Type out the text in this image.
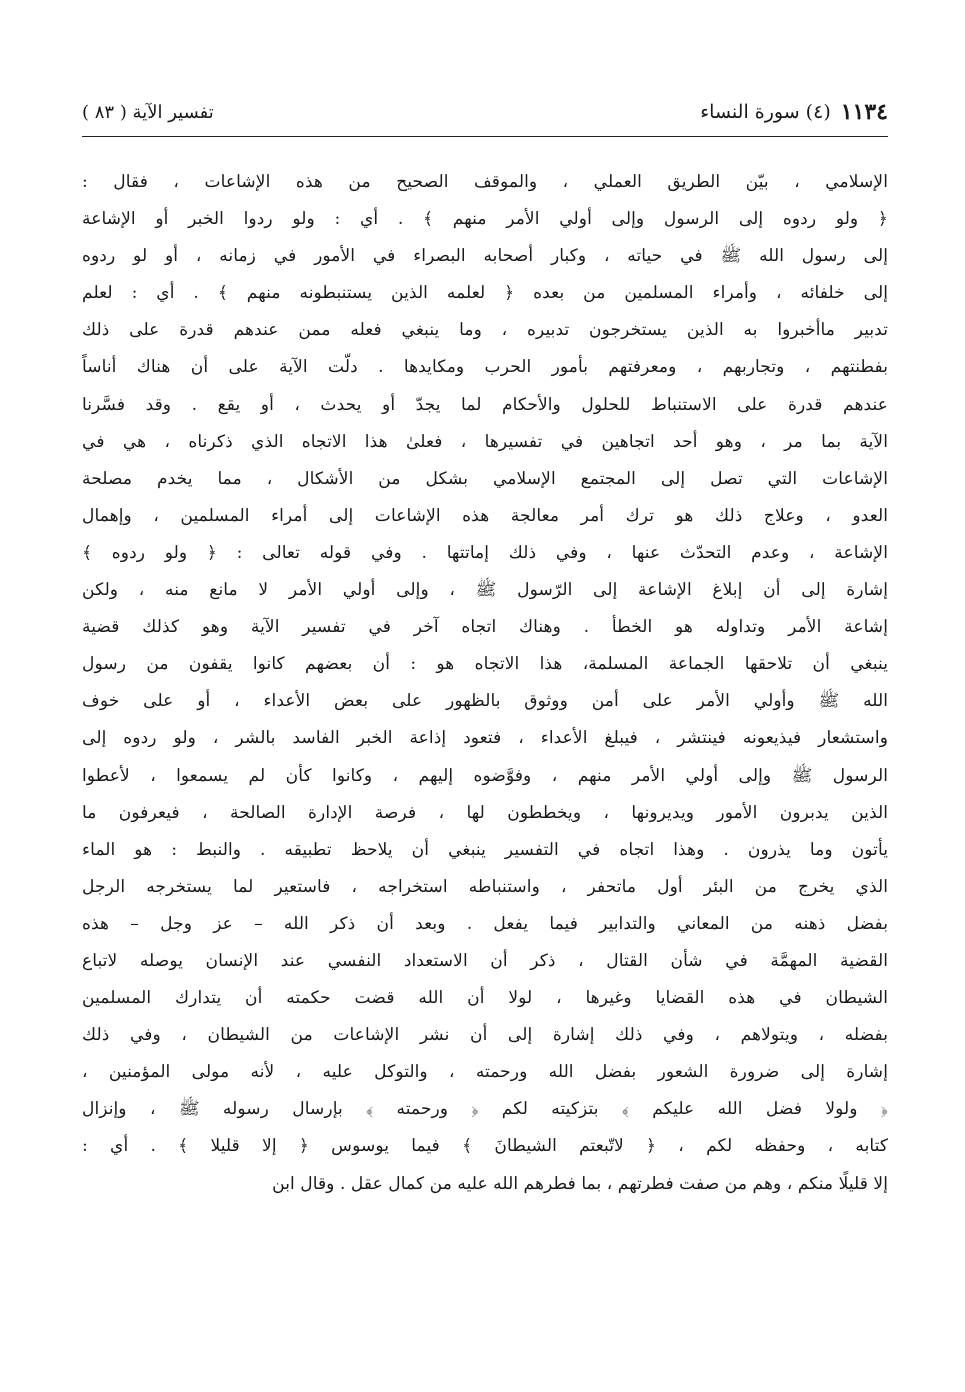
١١٣٤
(٤) سورة النساء
تفسير الآية ( ٨٣ )
الإسلامي ، بيّن الطريق العملي ، والموقف الصحيح من هذه الإشاعات ، فقال :
﴿ ولو ردوه إلى الرسول وإلى أولي الأمر منهم ﴾ . أي : ولو ردوا الخبر أو الإشاعة
إلى رسول الله ﷺ في حياته ، وكبار أصحابه البصراء في الأمور في زمانه ، أو لو ردوه
إلى خلفائه ، وأمراء المسلمين من بعده ﴿ لعلمه الذين يستنبطونه منهم ﴾ . أي : لعلم
تدبير ماأخبروا به الذين يستخرجون تدبيره ، وما ينبغي فعله ممن عندهم قدرة على ذلك
بفطنتهم ، وتجاربهم ، ومعرفتهم بأمور الحرب ومكايدها . دلّت الآية على أن هناك أناساً
عندهم قدرة على الاستنباط للحلول والأحكام لما يجدّ أو يحدث ، أو يقع . وقد فسَّرنا
الآية بما مر ، وهو أحد اتجاهين في تفسيرها ، فعلىٰ هذا الاتجاه الذي ذكرناه ، هي في
الإشاعات التي تصل إلى المجتمع الإسلامي بشكل من الأشكال ، مما يخدم مصلحة
العدو ، وعلاج ذلك هو ترك أمر معالجة هذه الإشاعات إلى أمراء المسلمين ، وإهمال
الإشاعة ، وعدم التحدّث عنها ، وفي ذلك إماتتها . وفي قوله تعالى : ﴿ ولو ردوه ﴾
إشارة إلى أن إبلاغ الإشاعة إلى الرّسول ﷺ ، وإلى أولي الأمر لا مانع منه ، ولكن
إشاعة الأمر وتداوله هو الخطأ . وهناك اتجاه آخر في تفسير الآية وهو كذلك قضية
ينبغي أن تلاحقها الجماعة المسلمة، هذا الاتجاه هو : أن بعضهم كانوا يقفون من رسول
الله ﷺ وأولي الأمر على أمن ووثوق بالظهور على بعض الأعداء ، أو على خوف
واستشعار فيذيعونه فينتشر ، فيبلغ الأعداء ، فتعود إذاعة الخبر الفاسد بالشر ، ولو ردوه إلى
الرسول ﷺ وإلى أولي الأمر منهم ، وفوَّضوه إليهم ، وكانوا كأن لم يسمعوا ، لأعطوا
الذين يدبرون الأمور ويديرونها ، ويخططون لها ، فرصة الإدارة الصالحة ، فيعرفون ما
يأتون وما يذرون . وهذا اتجاه في التفسير ينبغي أن يلاحظ تطبيقه . والنبط : هو الماء
الذي يخرج من البئر أول ماتحفر ، واستنباطه استخراجه ، فاستعير لما يستخرجه الرجل
بفضل ذهنه من المعاني والتدابير فيما يفعل . وبعد أن ذكر الله – عز وجل – هذه
القضية المهمَّة في شأن القتال ، ذكر أن الاستعداد النفسي عند الإنسان يوصله لاتباع
الشيطان في هذه القضايا وغيرها ، لولا أن الله قضت حكمته أن يتدارك المسلمين
بفضله ، ويتولاهم ، وفي ذلك إشارة إلى أن نشر الإشاعات من الشيطان ، وفي ذلك
إشارة إلى ضرورة الشعور بفضل الله ورحمته ، والتوكل عليه ، لأنه مولى المؤمنين ،
﴿ ولولا فضل الله عليكم ﴾ بتزكيته لكم ﴿ ورحمته ﴾ بإرسال رسوله ﷺ ، وإنزال
كتابه ، وحفظه لكم ، ﴿ لاتّبعتم الشيطانَ ﴾ فيما يوسوس ﴿ إلا قليلا ﴾ . أي :
إلا قليلًا منكم ، وهم من صفت فطرتهم ، بما فطرهم الله عليه من كمال عقل . وقال ابن
